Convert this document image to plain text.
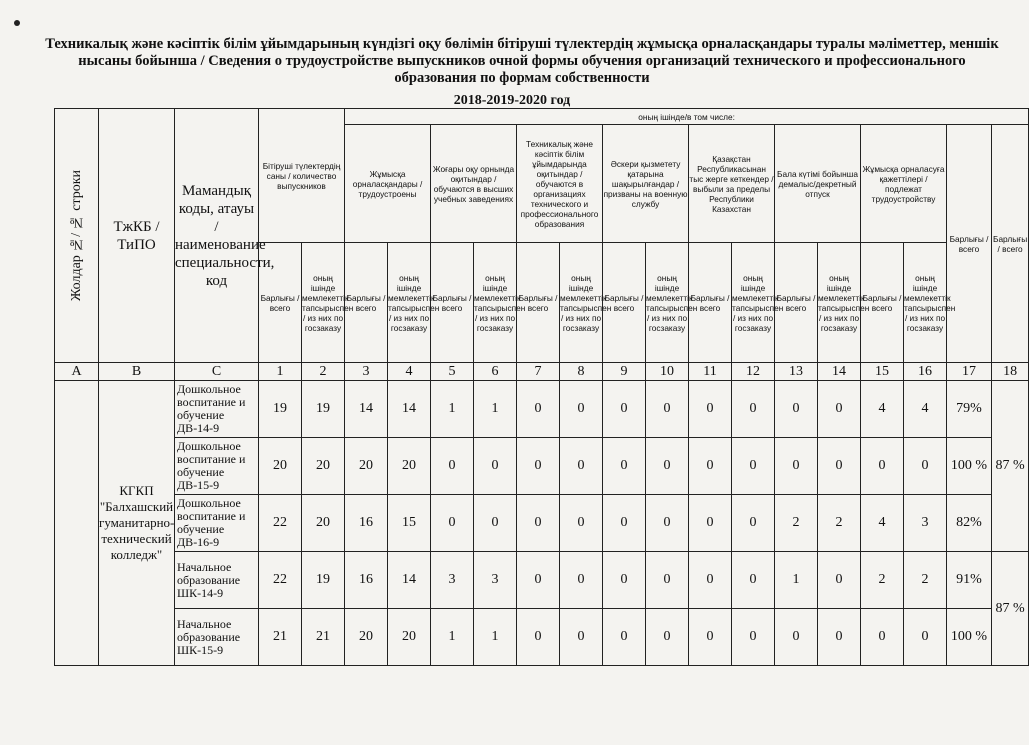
Техникалық және кәсіптік білім ұйымдарының күндізгі оқу бөлімін бітіруші түлектердің жұмысқа орналасқандары туралы мәліметтер, меншік нысаны бойынша / Сведения о трудоустройстве выпускников очной формы обучения организаций технического и профессионального образования по формам собственности
2018-2019-2020 год
Жолдар №/ № строки	ТжКБ / ТиПО	Мамандық коды, атауы / наименование специальности, код	Бітіруші түлектердің саны / количество выпускников		оның ішінде/в том числе:															
					Жұмысқа орналасқандары / трудоустроены		Жоғары оқу орнында оқитындар / обучаются в высших учебных заведениях		Техникалық және кәсіптік білім ұйымдарында оқитындар / обучаются в организациях технического и профессионального образования		Әскери қызметету қатарына шақырылғандар / призваны на военную службу		Қазақстан Республикасынан тыс жерге кеткендер / выбыли за пределы Республики Казахстан		Бала күтімі бойынша демалыс/декретный отпуск		Жұмысқа орналасуға қажеттілері / подлежат трудоустройству		Барлығы / всего	Барлығы / всего
			Барлығы / всего	оның ішінде мемлекеттік тапсырыспен / из них по госзаказу	Барлығы / всего	оның ішінде мемлекеттік тапсырыспен / из них по госзаказу	Барлығы / всего	оның ішінде мемлекеттік тапсырыспен / из них по госзаказу	Барлығы / всего	оның ішінде мемлекеттік тапсырыспен / из них по госзаказу	Барлығы / всего	оның ішінде мемлекеттік тапсырыспен / из них по госзаказу	Барлығы / всего	оның ішінде мемлекеттік тапсырыспен / из них по госзаказу	Барлығы / всего	оның ішінде мемлекеттік тапсырыспен / из них по госзаказу	Барлығы / всего	оның ішінде мемлекеттік тапсырыспен / из них по госзаказу		
А	В	С	1	2	3	4	5	6	7	8	9	10	11	12	13	14	15	16	17	18
	КГКП "Балхашский гуманитарно-технический колледж"	Дошкольное воспитание и обучение ДВ-14-9	19	19	14	14	1	1	0	0	0	0	0	0	0	0	4	4	79%	87 %
		Дошкольное воспитание и обучение ДВ-15-9	20	20	20	20	0	0	0	0	0	0	0	0	0	0	0	0	100 %	
		Дошкольное воспитание и обучение ДВ-16-9	22	20	16	15	0	0	0	0	0	0	0	0	2	2	4	3	82%	
		Начальное образование ШК-14-9	22	19	16	14	3	3	0	0	0	0	0	0	1	0	2	2	91%	87 %
		Начальное образование ШК-15-9	21	21	20	20	1	1	0	0	0	0	0	0	0	0	0	0	100 %	
